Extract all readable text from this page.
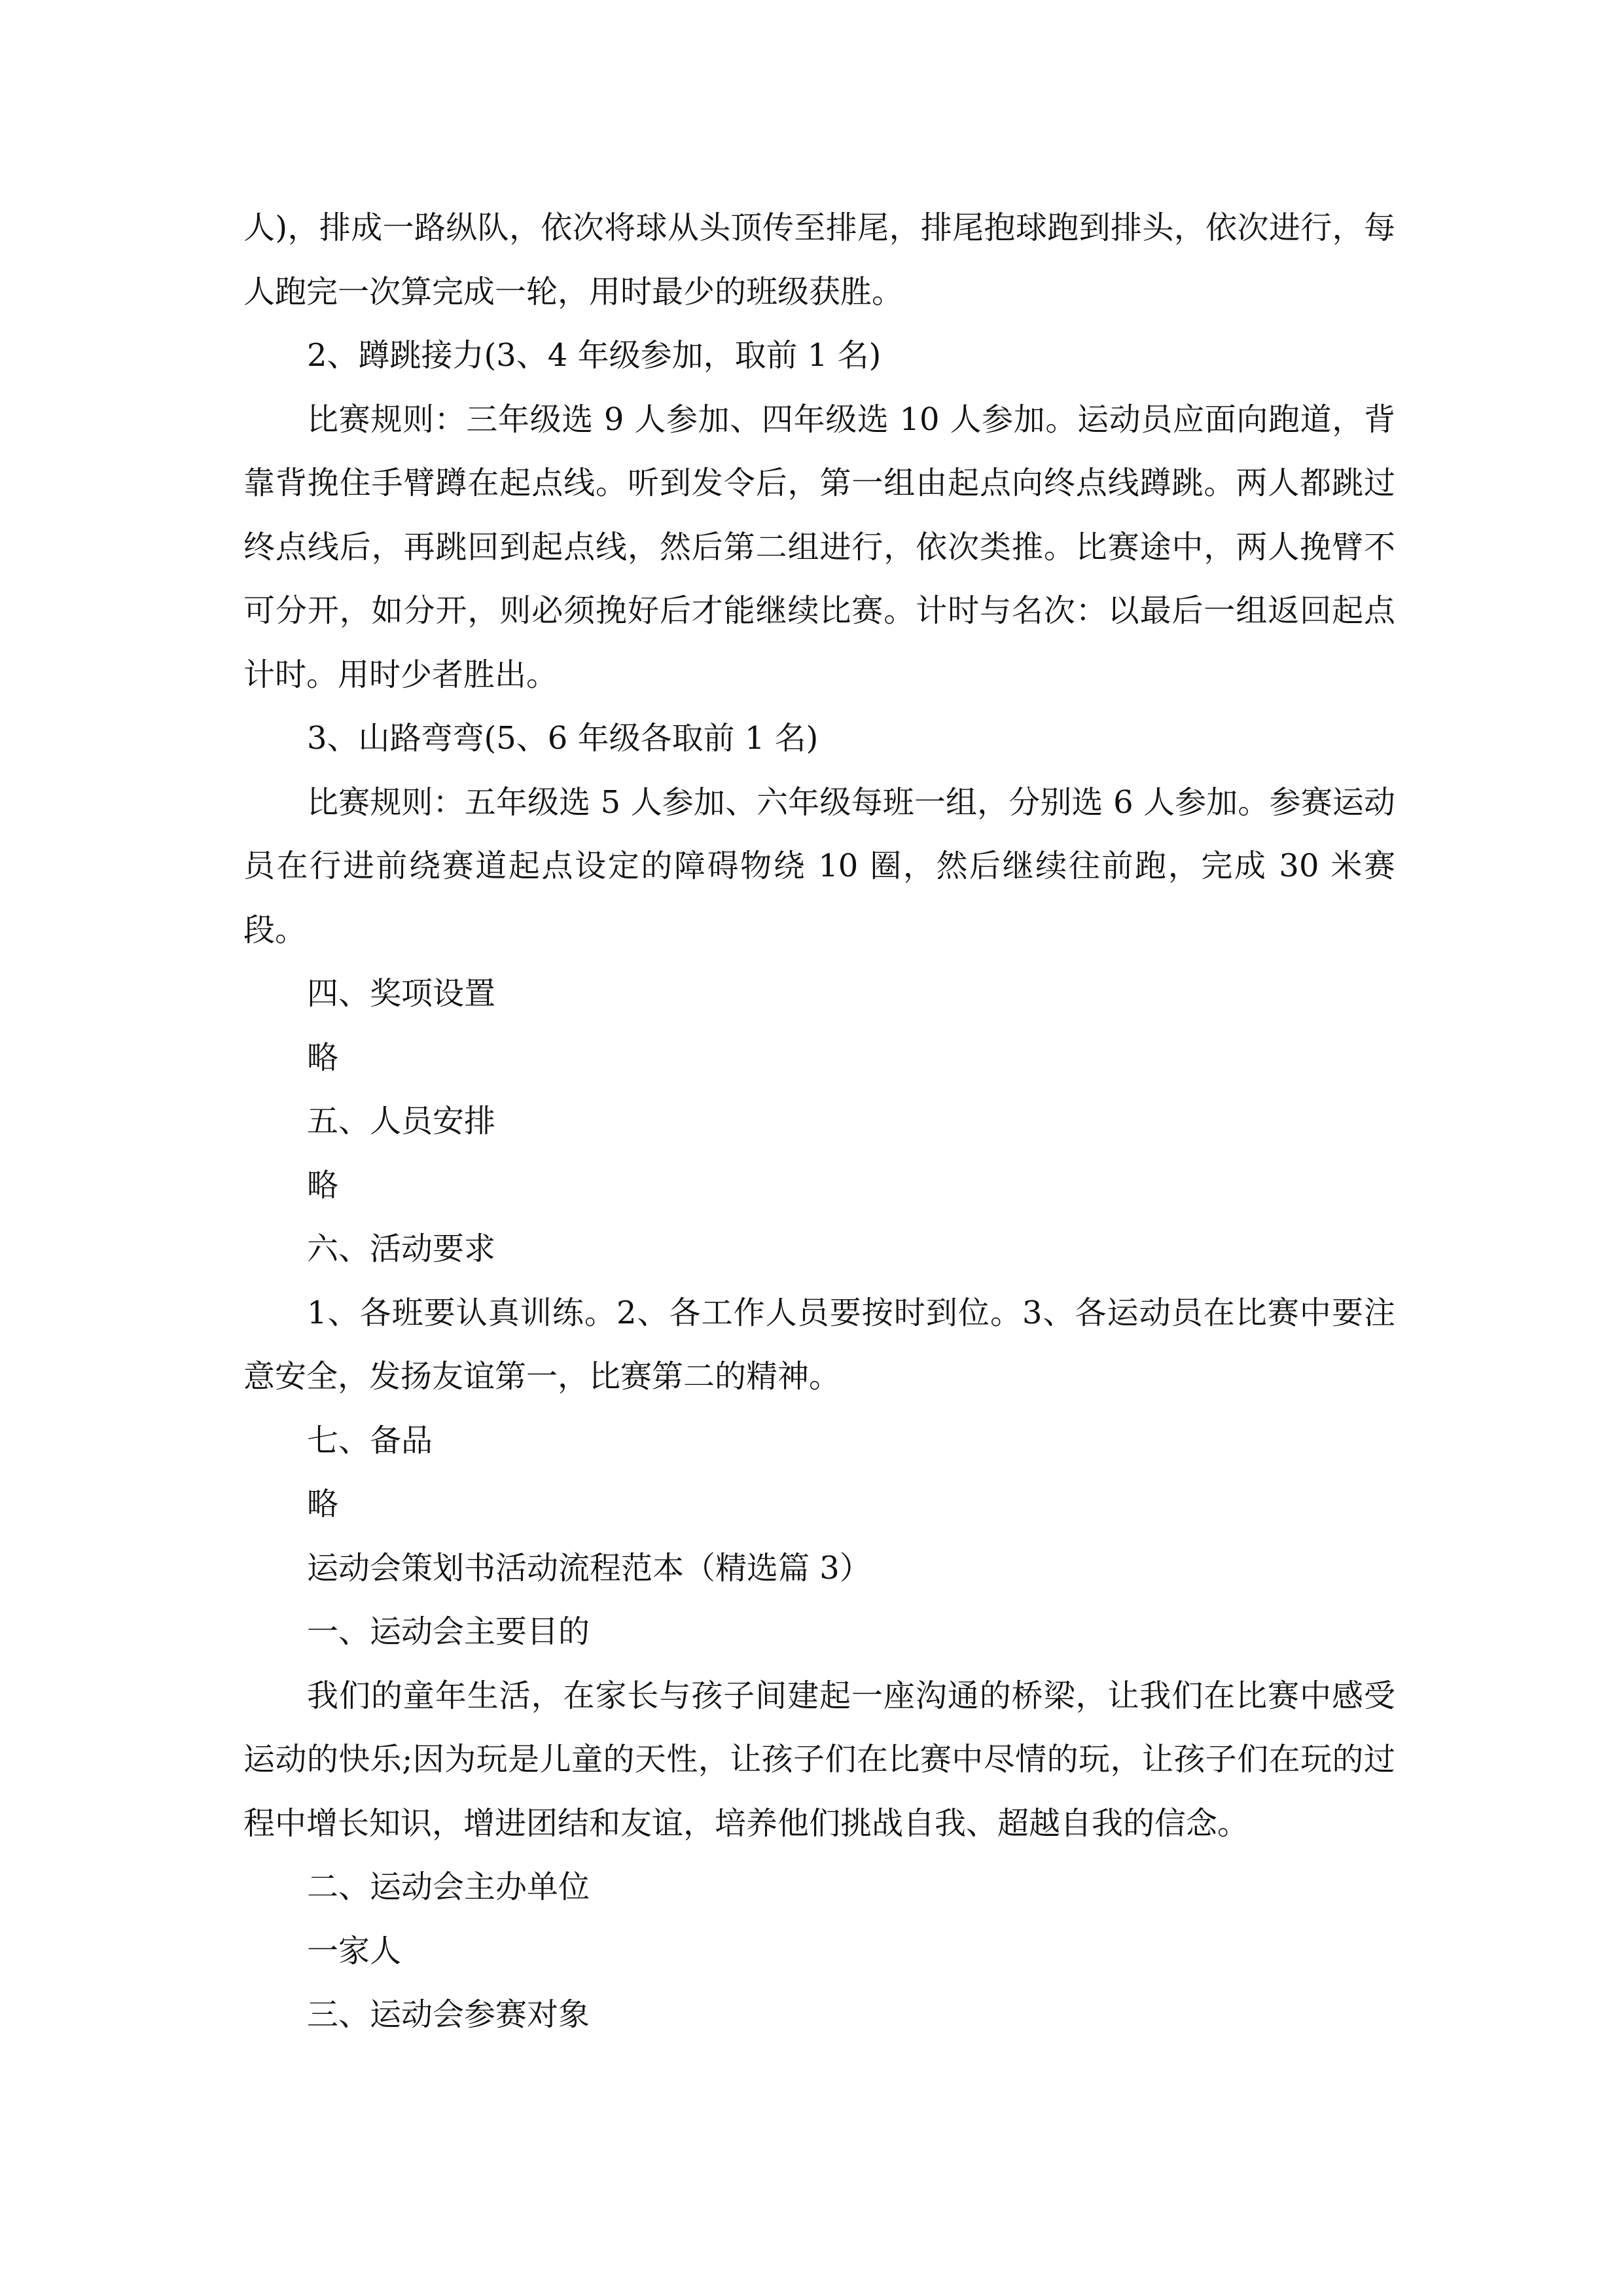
人)，排成一路纵队，依次将球从头顶传至排尾，排尾抱球跑到排头，依次进行，每人跑完一次算完成一轮，用时最少的班级获胜。

2、蹲跳接力(3、4 年级参加，取前 1 名)

比赛规则：三年级选 9 人参加、四年级选 10 人参加。运动员应面向跑道，背靠背挽住手臂蹲在起点线。听到发令后，第一组由起点向终点线蹲跳。两人都跳过终点线后，再跳回到起点线，然后第二组进行，依次类推。比赛途中，两人挽臂不可分开，如分开，则必须挽好后才能继续比赛。计时与名次：以最后一组返回起点计时。用时少者胜出。

3、山路弯弯(5、6 年级各取前 1 名)

比赛规则：五年级选 5 人参加、六年级每班一组，分别选 6 人参加。参赛运动员在行进前绕赛道起点设定的障碍物绕 10 圈，然后继续往前跑，完成 30 米赛段。

四、奖项设置

略

五、人员安排

略

六、活动要求

1、各班要认真训练。2、各工作人员要按时到位。3、各运动员在比赛中要注意安全，发扬友谊第一，比赛第二的精神。

七、备品

略

运动会策划书活动流程范本（精选篇 3）

一、运动会主要目的

我们的童年生活，在家长与孩子间建起一座沟通的桥梁，让我们在比赛中感受运动的快乐;因为玩是儿童的天性，让孩子们在比赛中尽情的玩，让孩子们在玩的过程中增长知识，增进团结和友谊，培养他们挑战自我、超越自我的信念。

二、运动会主办单位

一家人

三、运动会参赛对象
